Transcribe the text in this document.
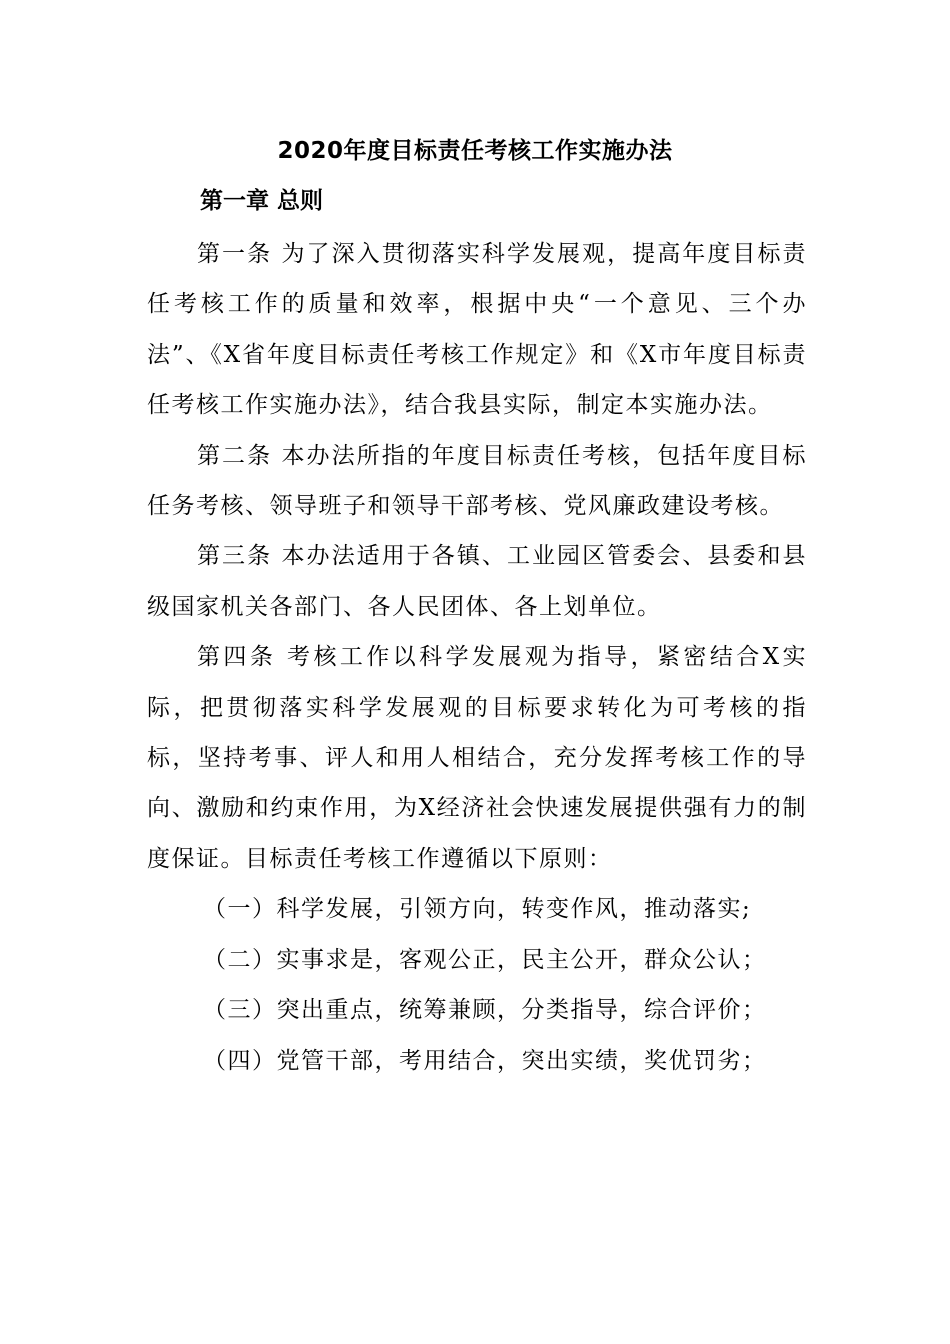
2020年度目标责任考核工作实施办法
第一章 总则

第一条 为了深入贯彻落实科学发展观，提高年度目标责任考核工作的质量和效率，根据中央“一个意见、三个办法”、《X省年度目标责任考核工作规定》和《X市年度目标责任考核工作实施办法》，结合我县实际，制定本实施办法。

第二条 本办法所指的年度目标责任考核，包括年度目标任务考核、领导班子和领导干部考核、党风廉政建设考核。

第三条 本办法适用于各镇、工业园区管委会、县委和县级国家机关各部门、各人民团体、各上划单位。

第四条 考核工作以科学发展观为指导，紧密结合X实际，把贯彻落实科学发展观的目标要求转化为可考核的指标，坚持考事、评人和用人相结合，充分发挥考核工作的导向、激励和约束作用，为X经济社会快速发展提供强有力的制度保证。目标责任考核工作遵循以下原则：

（一）科学发展，引领方向，转变作风，推动落实;

（二）实事求是，客观公正，民主公开，群众公认；

（三）突出重点，统筹兼顾，分类指导，综合评价；

（四）党管干部，考用结合，突出实绩，奖优罚劣；
